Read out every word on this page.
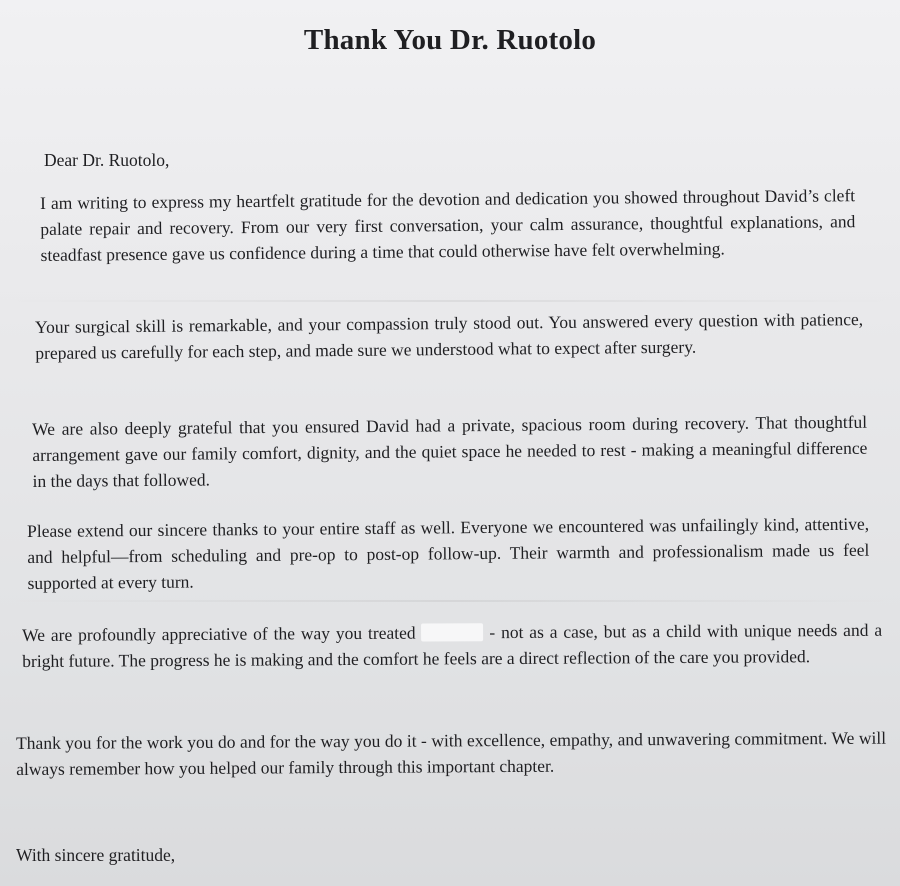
Thank You Dr. Ruotolo
Dear Dr. Ruotolo,

I am writing to express my heartfelt gratitude for the devotion and dedication you showed throughout David’s cleft palate repair and recovery. From our very first conversation, your calm assurance, thoughtful explanations, and steadfast presence gave us confidence during a time that could otherwise have felt overwhelming.

Your surgical skill is remarkable, and your compassion truly stood out. You answered every question with patience, prepared us carefully for each step, and made sure we understood what to expect after surgery.

We are also deeply grateful that you ensured David had a private, spacious room during recovery. That thoughtful arrangement gave our family comfort, dignity, and the quiet space he needed to rest - making a meaningful difference in the days that followed.

Please extend our sincere thanks to your entire staff as well. Everyone we encountered was unfailingly kind, attentive, and helpful—from scheduling and pre-op to post-op follow-up. Their warmth and professionalism made us feel supported at every turn.

We are profoundly appreciative of the way you treated	- not as a case, but as a child with unique needs and a bright future. The progress he is making and the comfort he feels are a direct reflection of the care you provided.

Thank you for the work you do and for the way you do it - with excellence, empathy, and unwavering commitment. We will always remember how you helped our family through this important chapter.

With sincere gratitude,
